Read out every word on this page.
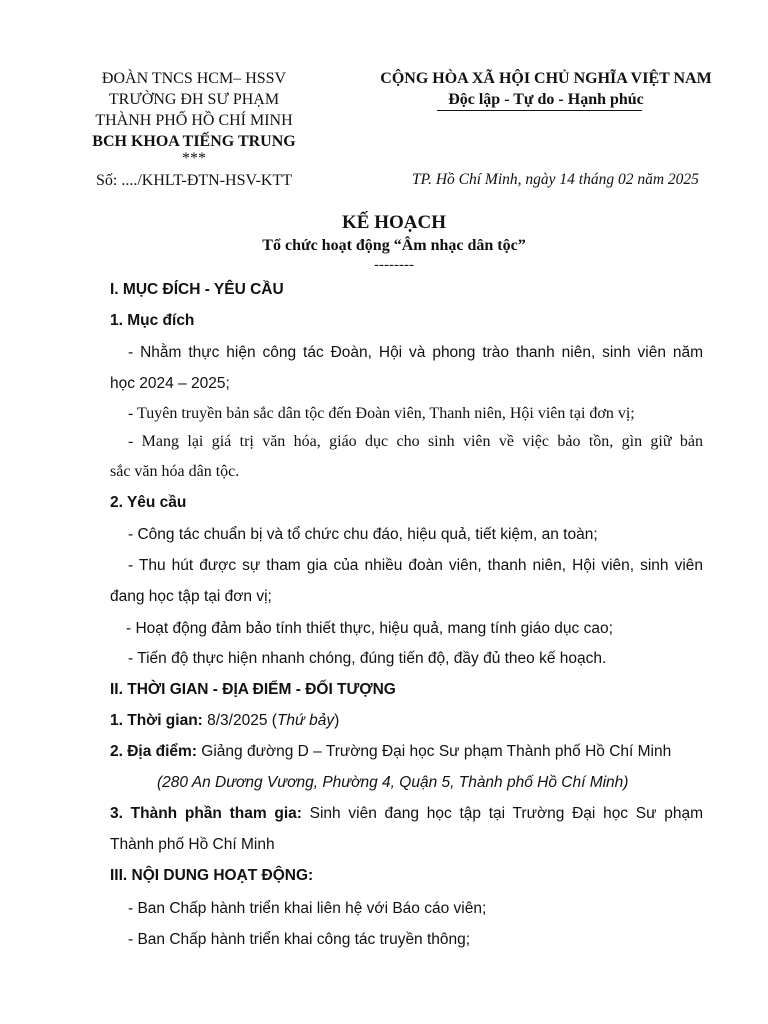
ĐOÀN TNCS HCM– HSSV
TRƯỜNG ĐH SƯ PHẠM
THÀNH PHỐ HỒ CHÍ MINH
BCH KHOA TIẾNG TRUNG
***
Số: ..../KHLT-ĐTN-HSV-KTT
CỘNG HÒA XÃ HỘI CHỦ NGHĨA VIỆT NAM
Độc lập - Tự do - Hạnh phúc
TP. Hồ Chí Minh, ngày 14 tháng 02 năm 2025
KẾ HOẠCH
Tổ chức hoạt động “Âm nhạc dân tộc”
--------
I. MỤC ĐÍCH - YÊU CẦU
1. Mục đích
- Nhằm thực hiện công tác Đoàn, Hội và phong trào thanh niên, sinh viên năm
học 2024 – 2025;
- Tuyên truyền bản sắc dân tộc đến Đoàn viên, Thanh niên, Hội viên tại đơn vị;
- Mang lại giá trị văn hóa, giáo dục cho sinh viên về việc bảo tồn, gìn giữ bản
sắc văn hóa dân tộc.
2. Yêu cầu
- Công tác chuẩn bị và tổ chức chu đáo, hiệu quả, tiết kiệm, an toàn;
- Thu hút được sự tham gia của nhiều đoàn viên, thanh niên, Hội viên, sinh viên
đang học tập tại đơn vị;
- Hoạt động đảm bảo tính thiết thực, hiệu quả, mang tính giáo dục cao;
- Tiến độ thực hiện nhanh chóng, đúng tiến độ, đầy đủ theo kế hoạch.
II. THỜI GIAN - ĐỊA ĐIỂM - ĐỐI TƯỢNG
1. Thời gian: 8/3/2025 (Thứ bảy)
2. Địa điểm: Giảng đường D – Trường Đại học Sư phạm Thành phố Hồ Chí Minh
(280 An Dương Vương, Phường 4, Quận 5, Thành phố Hồ Chí Minh)
3. Thành phần tham gia: Sinh viên đang học tập tại Trường Đại học Sư phạm
Thành phố Hồ Chí Minh
III. NỘI DUNG HOẠT ĐỘNG:
- Ban Chấp hành triển khai liên hệ với Báo cáo viên;
- Ban Chấp hành triển khai công tác truyền thông;
